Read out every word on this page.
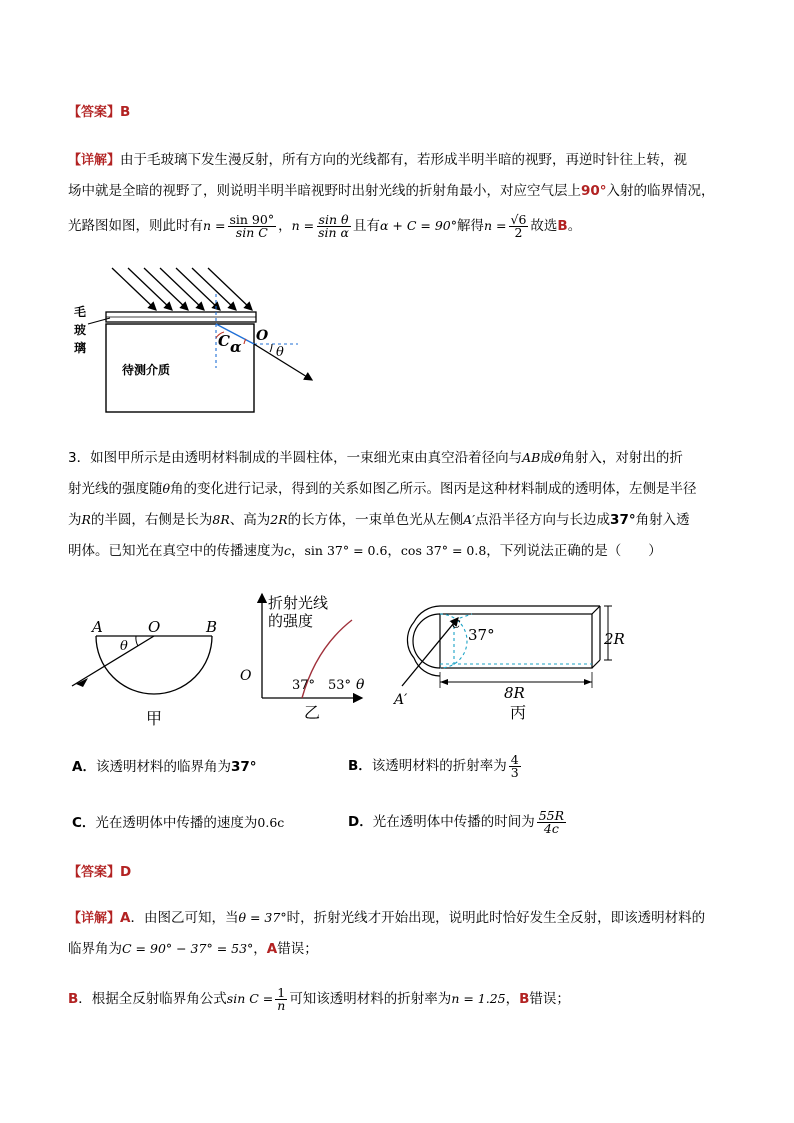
【答案】B
【详解】由于毛玻璃下发生漫反射，所有方向的光线都有，若形成半明半暗的视野，再逆时针往上转，视
场中就是全暗的视野了，则说明半明半暗视野时出射光线的折射角最小，对应空气层上90°入射的临界情况，
光路图如图，则此时有 $n = \frac{\sin 90^\circ}{\text{sin C}}$ ， $n = \frac{\text{sin θ}}{\text{sin α}}$ 且有 α + C = 90° 解得 $n = \frac{√6}{2}$ 故选 B 。
毛
玻
璃
待测介质
C α
O
θ
3．如图甲所示是由透明材料制成的半圆柱体，一束细光束由真空沿着径向与AB成θ角射入，对射出的折
射光线的强度随θ角的变化进行记录，得到的关系如图乙所示。图丙是这种材料制成的透明体，左侧是半径
为R的半圆，右侧是长为8R、高为2R的长方体，一束单色光从左侧A′点沿半径方向与长边成37°角射入透
明体。已知光在真空中的传播速度为c，sin 37° = 0.6，cos 37° = 0.8，下列说法正确的是（　　）
A	O	B
θ
甲
折射光线
的强度
O
37° 53° θ
乙
C
37°	2R
8R
A′
丙
A．该透明材料的临界角为37°	B． 该透明材料的折射率为 $\frac{4}{3}$
C．光在透明体中传播的速度为0.6c	D． 光在透明体中传播的时间为 $\frac{55R}{4c}$
【答案】D
【详解】A．由图乙可知，当θ = 37°时，折射光线才开始出现，说明此时恰好发生全反射，即该透明材料的
临界角为C = 90° − 37° = 53°，A错误；
B ．根据全反射临界角公式 $\sin C = \frac{1}{n}$ 可知该透明材料的折射率为 n = 1.25 ， B 错误；
